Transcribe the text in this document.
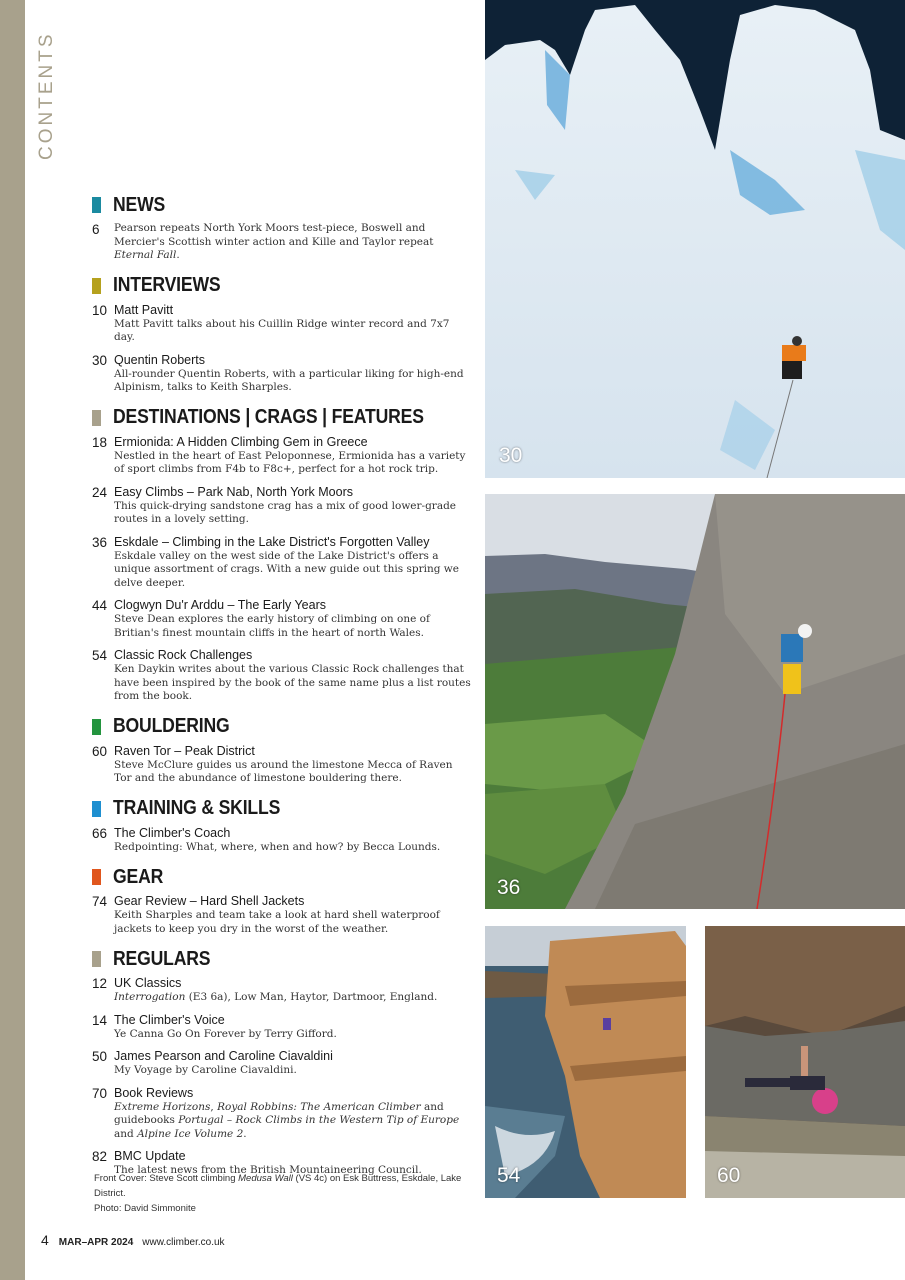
CONTENTS
NEWS
6 Pearson repeats North York Moors test-piece, Boswell and Mercier's Scottish winter action and Kille and Taylor repeat Eternal Fall.
INTERVIEWS
10 Matt Pavitt
Matt Pavitt talks about his Cuillin Ridge winter record and 7x7 day.
30 Quentin Roberts
All-rounder Quentin Roberts, with a particular liking for high-end Alpinism, talks to Keith Sharples.
DESTINATIONS | CRAGS | FEATURES
18 Ermionida: A Hidden Climbing Gem in Greece
Nestled in the heart of East Peloponnese, Ermionida has a variety of sport climbs from F4b to F8c+, perfect for a hot rock trip.
24 Easy Climbs – Park Nab, North York Moors
This quick-drying sandstone crag has a mix of good lower-grade routes in a lovely setting.
36 Eskdale – Climbing in the Lake District's Forgotten Valley
Eskdale valley on the west side of the Lake District's offers a unique assortment of crags. With a new guide out this spring we delve deeper.
44 Clogwyn Du'r Arddu – The Early Years
Steve Dean explores the early history of climbing on one of Britian's finest mountain cliffs in the heart of north Wales.
54 Classic Rock Challenges
Ken Daykin writes about the various Classic Rock challenges that have been inspired by the book of the same name plus a list routes from the book.
BOULDERING
60 Raven Tor – Peak District
Steve McClure guides us around the limestone Mecca of Raven Tor and the abundance of limestone bouldering there.
TRAINING & SKILLS
66 The Climber's Coach
Redpointing: What, where, when and how? by Becca Lounds.
GEAR
74 Gear Review – Hard Shell Jackets
Keith Sharples and team take a look at hard shell waterproof jackets to keep you dry in the worst of the weather.
REGULARS
12 UK Classics
Interrogation (E3 6a), Low Man, Haytor, Dartmoor, England.
14 The Climber's Voice
Ye Canna Go On Forever by Terry Gifford.
50 James Pearson and Caroline Ciavaldini
My Voyage by Caroline Ciavaldini.
70 Book Reviews
Extreme Horizons, Royal Robbins: The American Climber and guidebooks Portugal – Rock Climbs in the Western Tip of Europe and Alpine Ice Volume 2.
82 BMC Update
The latest news from the British Mountaineering Council.
Front Cover: Steve Scott climbing Medusa Wall (VS 4c) on Esk Buttress, Eskdale, Lake District.
Photo: David Simmonite
4 MAR–APR 2024 www.climber.co.uk
30
36
54	60
